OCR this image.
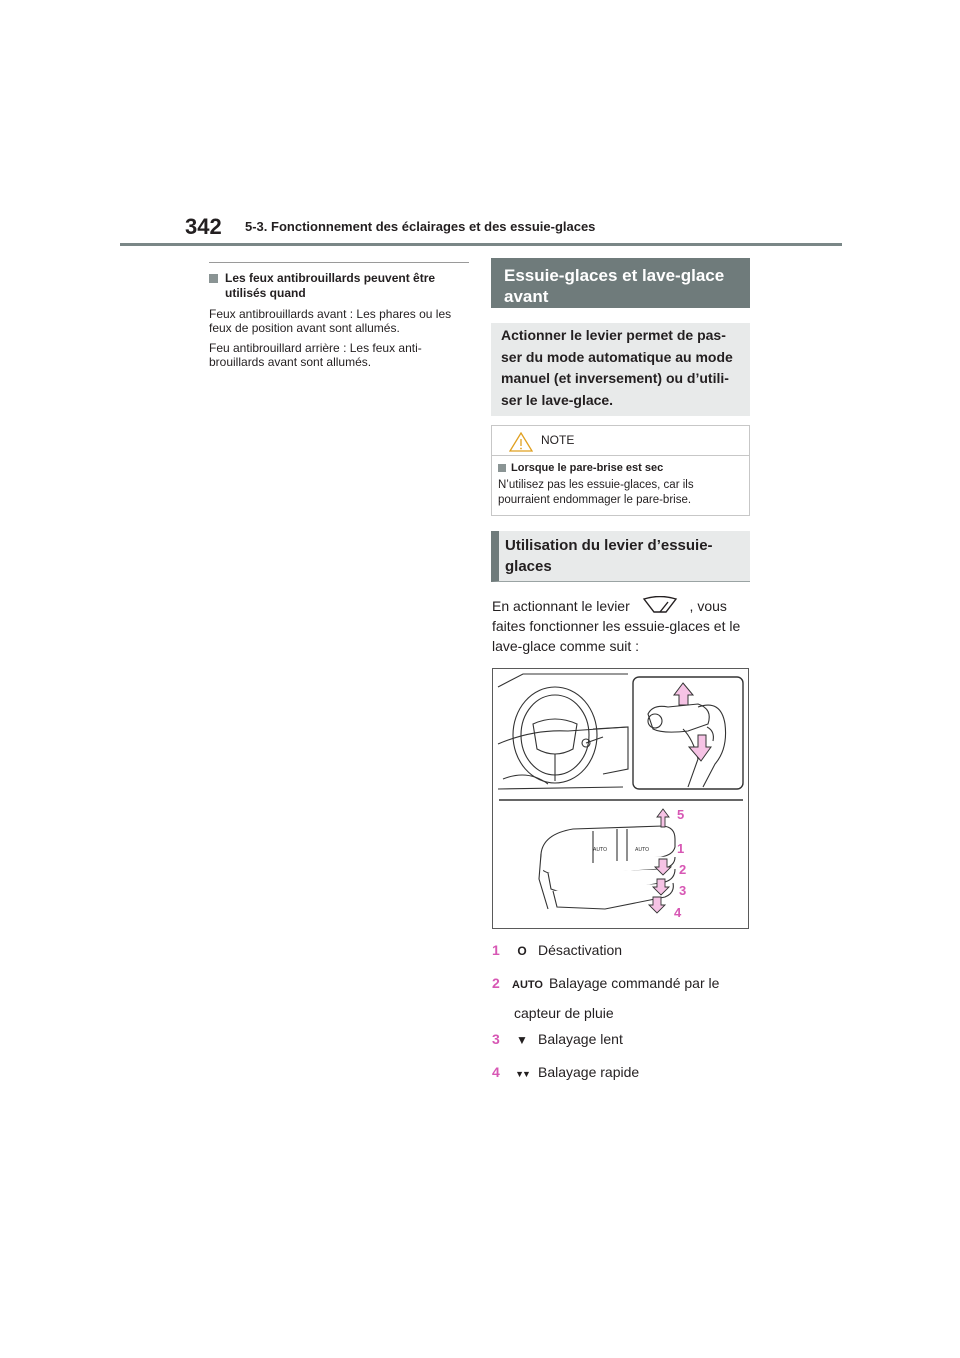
342 5-3. Fonctionnement des éclairages et des essuie-glaces
Les feux antibrouillards peuvent être utilisés quand
Feux antibrouillards avant : Les phares ou les feux de position avant sont allumés.
Feu antibrouillard arrière : Les feux anti-brouillards avant sont allumés.
Essuie-glaces et lave-glace avant
Actionner le levier permet de pas-ser du mode automatique au mode manuel (et inversement) ou d’utili-ser le lave-glace.
NOTE
Lorsque le pare-brise est sec
N’utilisez pas les essuie-glaces, car ils pourraient endommager le pare-brise.
Utilisation du levier d’essuie-glaces
En actionnant le levier	, vous faites fonctionner les essuie-glaces et le lave-glace comme suit :
AUTO	AUTO
5
1
2
3
4
1 O Désactivation
2 AUTO Balayage commandé par le
capteur de pluie
3 ▼ Balayage lent
4 ▼▼ Balayage rapide
